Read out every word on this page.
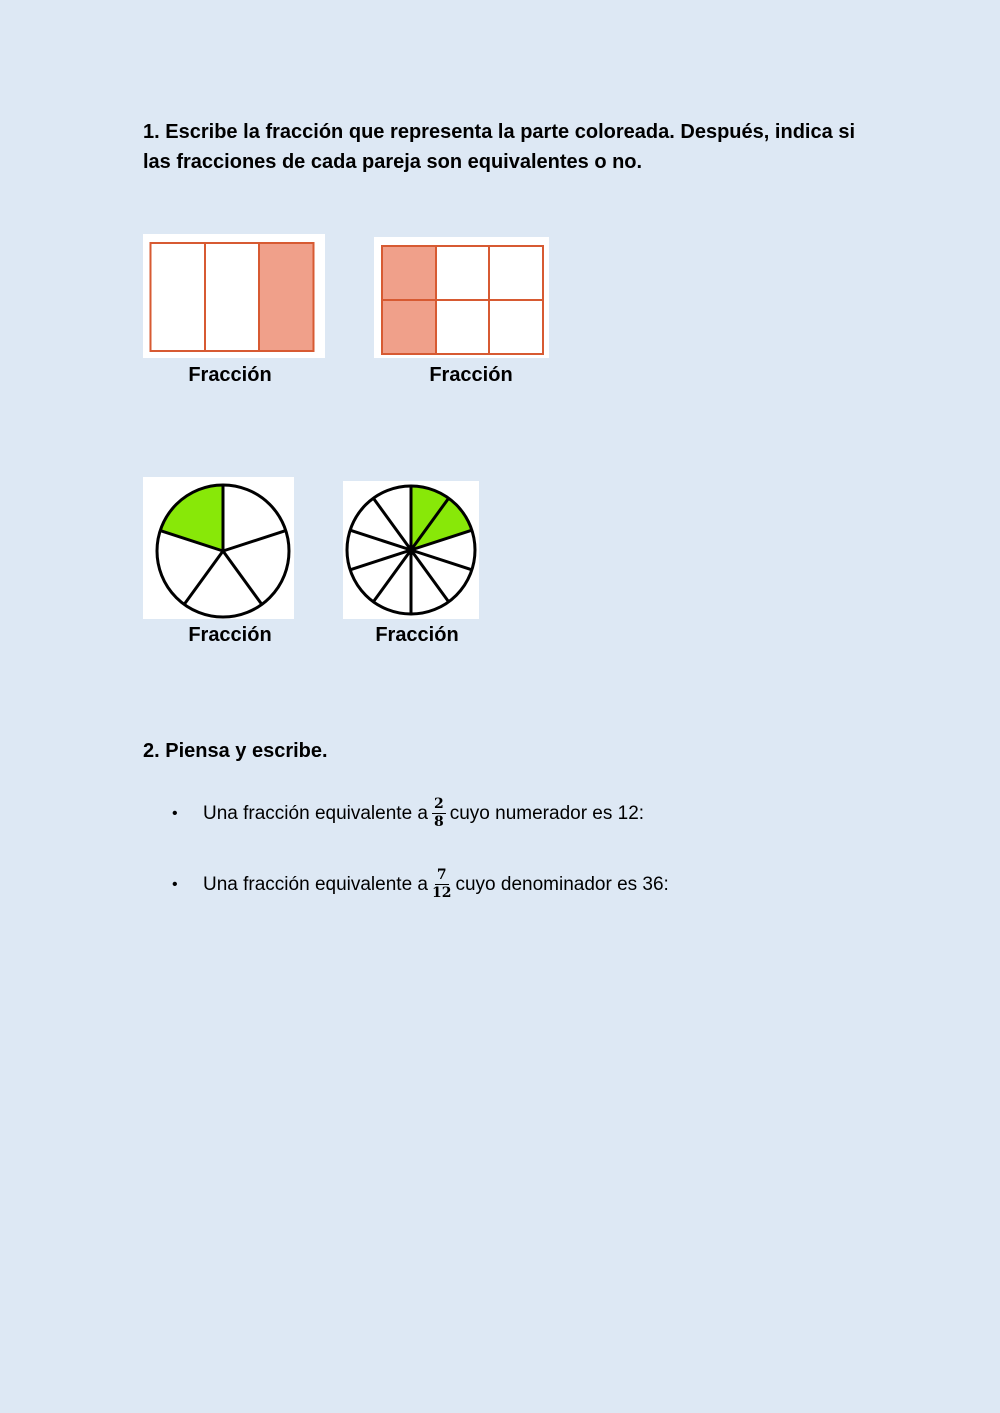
1. Escribe la fracción que representa la parte coloreada. Después, indica si las fracciones de cada pareja son equivalentes o no.

Fracción	Fracción
Fracción	Fracción

2. Piensa y escribe.

•	Una fracción equivalente a $\frac{2}{8}$ cuyo numerador es 12:
•	Una fracción equivalente a $\frac{7}{12}$ cuyo denominador es 36:
